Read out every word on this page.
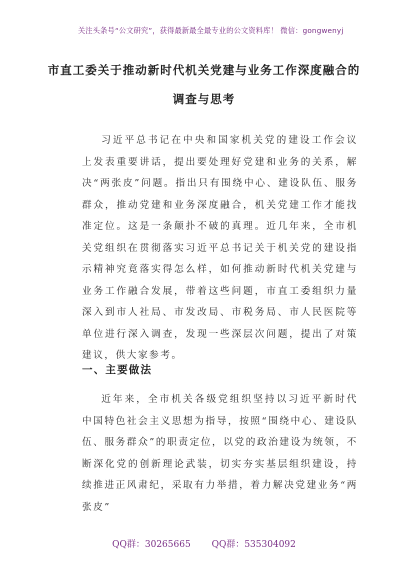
关注头条号“公文研究”，获得最新最全最专业的公文资料库！ 微信：gongwenyj
市直工委关于推动新时代机关党建与业务工作深度融合的
调查与思考
习近平总书记在中央和国家机关党的建设工作会议上发表重要讲话，提出要处理好党建和业务的关系，解决“两张皮”问题。指出只有围绕中心、建设队伍、服务群众，推动党建和业务深度融合，机关党建工作才能找准定位。这是一条颠扑不破的真理。近几年来，全市机关党组织在贯彻落实习近平总书记关于机关党的建设指示精神究竟落实得怎么样，如何推动新时代机关党建与业务工作融合发展，带着这些问题，市直工委组织力量深入到市人社局、市发改局、市税务局、市人民医院等单位进行深入调查，发现一些深层次问题，提出了对策建议，供大家参考。
一、主要做法
近年来，全市机关各级党组织坚持以习近平新时代中国特色社会主义思想为指导，按照“围绕中心、建设队伍、服务群众”的职责定位，以党的政治建设为统领，不断深化党的创新理论武装，切实夯实基层组织建设，持续推进正风肃纪，采取有力举措，着力解决党建业务“两张皮”
QQ群：30265665 QQ群：535304092
